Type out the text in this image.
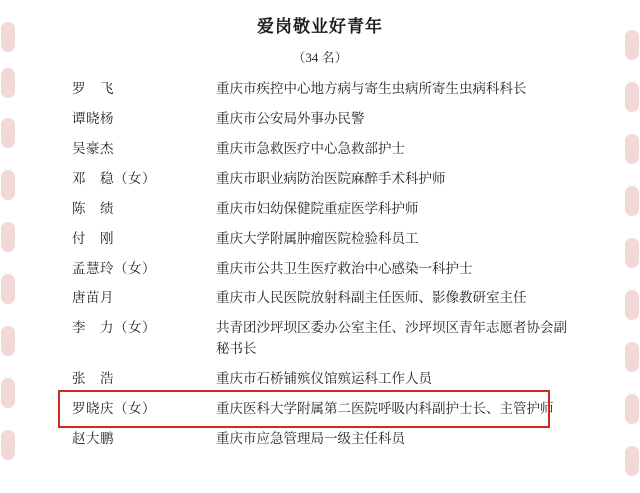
爱岗敬业好青年
（34 名）
罗　飞	重庆市疾控中心地方病与寄生虫病所寄生虫病科科长
谭晓杨	重庆市公安局外事办民警
吴豪杰	重庆市急救医疗中心急救部护士
邓　稳（女）	重庆市职业病防治医院麻醉手术科护师
陈　绩	重庆市妇幼保健院重症医学科护师
付　刚	重庆大学附属肿瘤医院检验科员工
孟慧玲（女）	重庆市公共卫生医疗救治中心感染一科护士
唐苗月	重庆市人民医院放射科副主任医师、影像教研室主任
李　力（女）	共青团沙坪坝区委办公室主任、沙坪坝区青年志愿者协会副秘书长
张　浩	重庆市石桥铺殡仪馆殡运科工作人员
罗晓庆（女）	重庆医科大学附属第二医院呼吸内科副护士长、主管护师
赵大鹏	重庆市应急管理局一级主任科员
